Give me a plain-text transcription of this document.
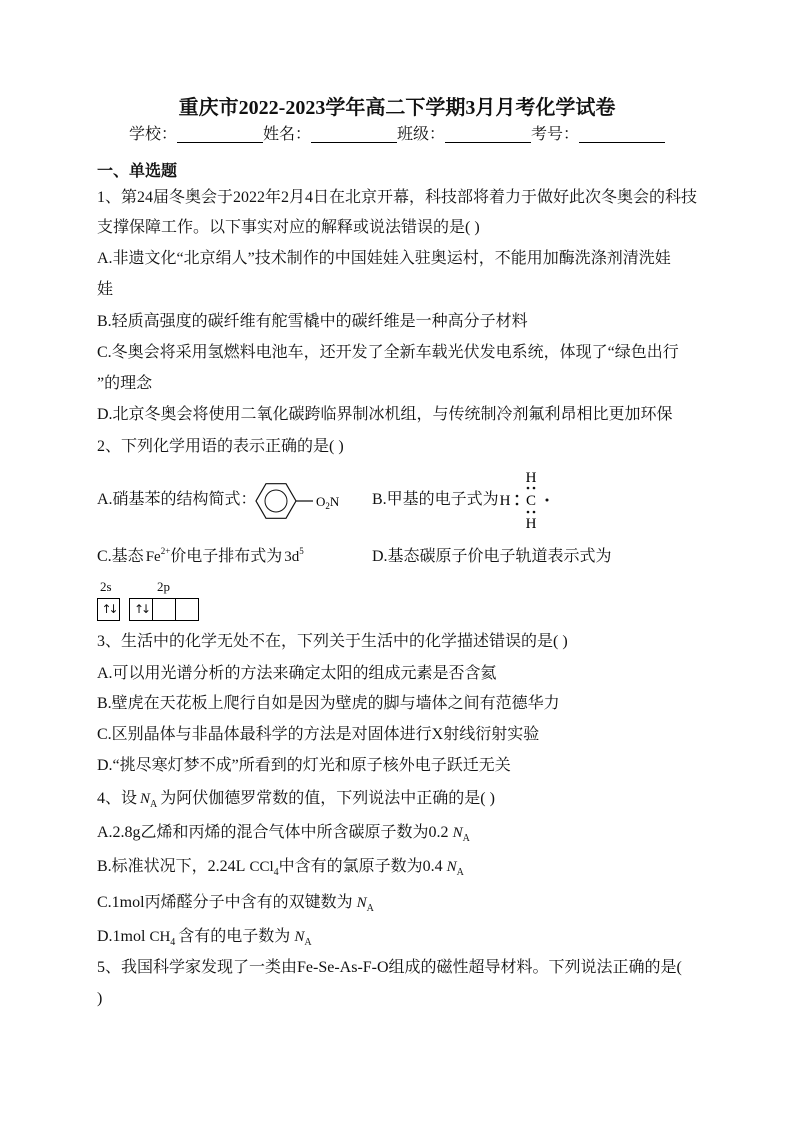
重庆市2022-2023学年高二下学期3月月考化学试卷
学校：	姓名：	班级：	考号：
一、单选题
1、第24届冬奥会于2022年2月4日在北京开幕，科技部将着力于做好此次冬奥会的科技
支撑保障工作。以下事实对应的解释或说法错误的是( )
A.非遗文化“北京绢人”技术制作的中国娃娃入驻奥运村，不能用加酶洗涤剂清洗娃
娃
B.轻质高强度的碳纤维有舵雪橇中的碳纤维是一种高分子材料
C.冬奥会将采用氢燃料电池车，还开发了全新车载光伏发电系统，体现了“绿色出行
”的理念
D.北京冬奥会将使用二氧化碳跨临界制冰机组，与传统制冷剂氟利昂相比更加环保
2、下列化学用语的表示正确的是( )
A.硝基苯的结构简式：	$O_2N$ B.甲基的电子式为
H
H C
H
C.基态 $Fe^{2+}$价电子排布式为 $3d^5$	D.基态碳原子价电子轨道表示式为
2s	2p
↑↓	↑↓
3、生活中的化学无处不在，下列关于生活中的化学描述错误的是( )
A.可以用光谱分析的方法来确定太阳的组成元素是否含氦
B.壁虎在天花板上爬行自如是因为壁虎的脚与墙体之间有范德华力
C.区别晶体与非晶体最科学的方法是对固体进行X射线衍射实验
D.“挑尽寒灯梦不成”所看到的灯光和原子核外电子跃迁无关
4、设 $N_A$ 为阿伏伽德罗常数的值，下列说法中正确的是( )
A.2.8g乙烯和丙烯的混合气体中所含碳原子数为0.2 $N_A$
B.标准状况下，2.24L CCl$_4$中含有的氯原子数为0.4 $N_A$
C.1mol丙烯醛分子中含有的双键数为 $N_A$
D.1mol $CH_4$ 含有的电子数为 $N_A$
5、我国科学家发现了一类由Fe-Se-As-F-O组成的磁性超导材料。下列说法正确的是(
)
